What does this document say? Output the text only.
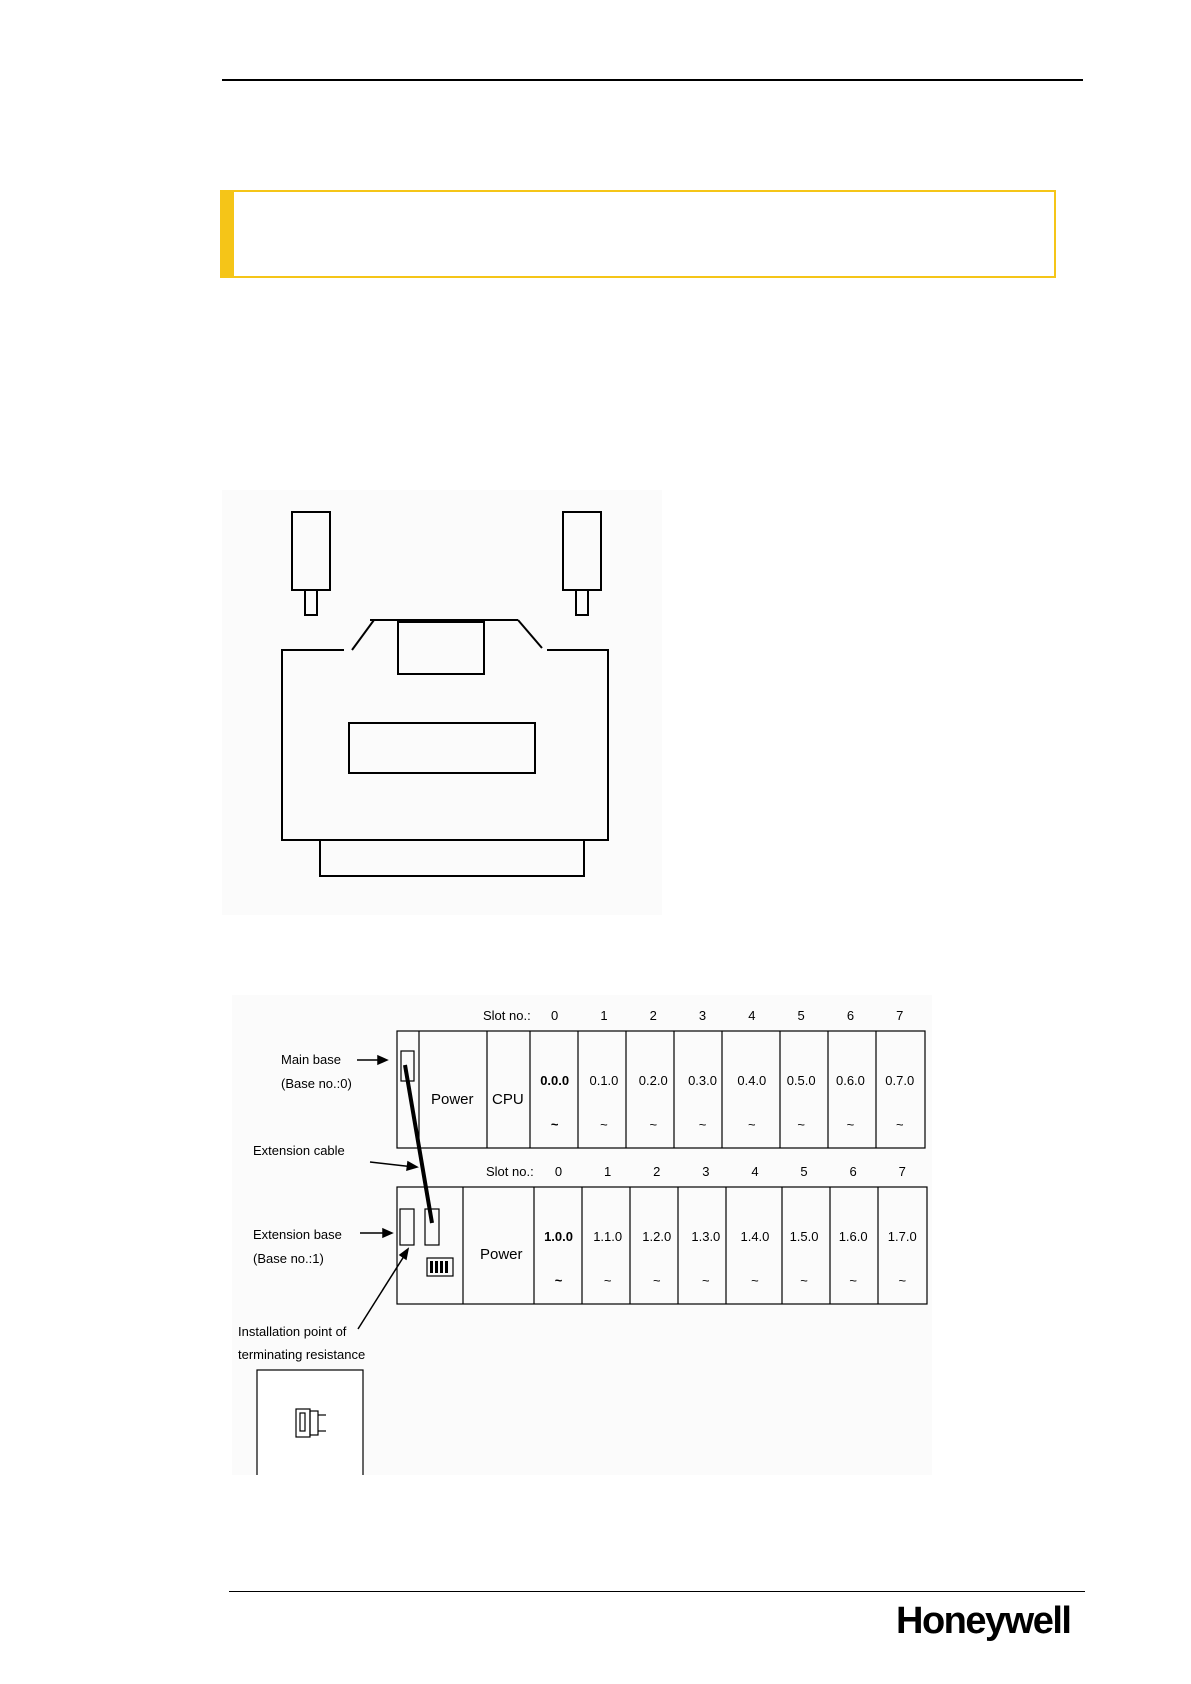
Main base
(Base no.:0)
Extension cable
Extension base
(Base no.:1)
Installation point of
terminating resistance
Slot no.:
Power CPU
0
0.0.0
~
1
0.1.0
~
2
0.2.0
~
3
0.3.0
~
4
0.4.0
~
5
0.5.0
~
6
0.6.0
~
7
0.7.0
~
Slot no.:
Power
0
1.0.0
~
1
1.1.0
~
2
1.2.0
~
3
1.3.0
~
4
1.4.0
~
5
1.5.0
~
6
1.6.0
~
7
1.7.0
~
Honeywell
